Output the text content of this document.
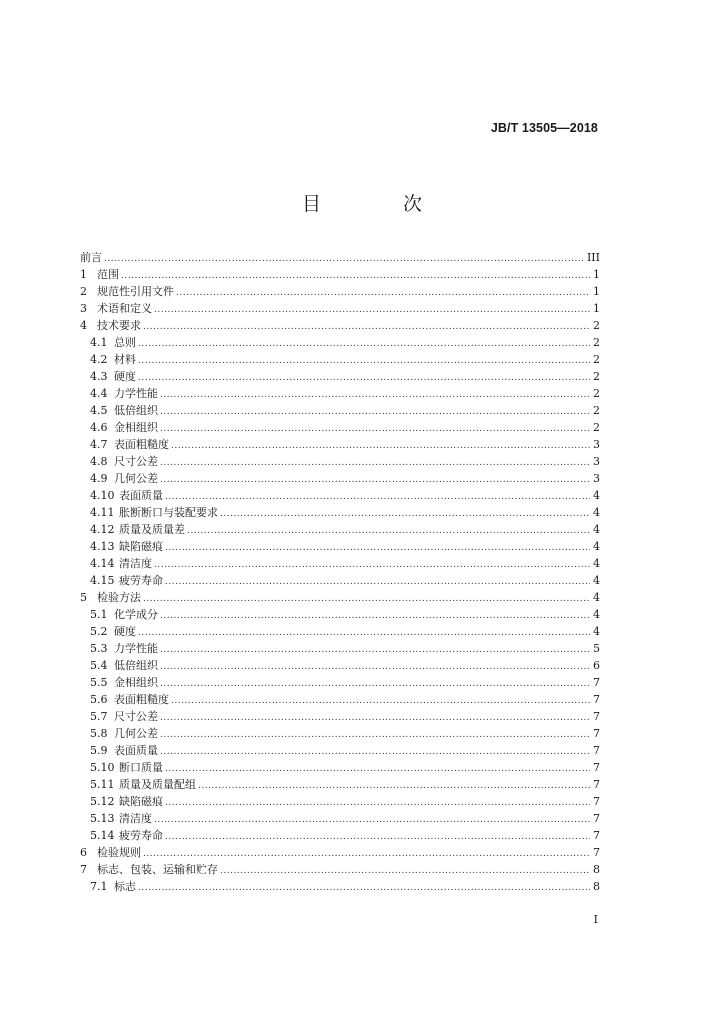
JB/T 13505—2018
目 次
前言 .....	III
1 范围 .....	1
2 规范性引用文件 .....	1
3 术语和定义 .....	1
4 技术要求 .....	2
4.1 总则 .....	2
4.2 材料 .....	2
4.3 硬度 .....	2
4.4 力学性能 .....	2
4.5 低倍组织 .....	2
4.6 金相组织 .....	2
4.7 表面粗糙度 .....	3
4.8 尺寸公差 .....	3
4.9 几何公差 .....	3
4.10 表面质量 .....	4
4.11 胀断断口与装配要求 .....	4
4.12 质量及质量差 .....	4
4.13 缺陷磁痕 .....	4
4.14 清洁度 .....	4
4.15 疲劳寿命 .....	4
5 检验方法 .....	4
5.1 化学成分 .....	4
5.2 硬度 .....	4
5.3 力学性能 .....	5
5.4 低倍组织 .....	6
5.5 金相组织 .....	7
5.6 表面粗糙度 .....	7
5.7 尺寸公差 .....	7
5.8 几何公差 .....	7
5.9 表面质量 .....	7
5.10 断口质量 .....	7
5.11 质量及质量配组 .....	7
5.12 缺陷磁痕 .....	7
5.13 清洁度 .....	7
5.14 疲劳寿命 .....	7
6 检验规则 .....	7
7 标志、包装、运输和贮存 .....	8
7.1 标志 .....	8
I
